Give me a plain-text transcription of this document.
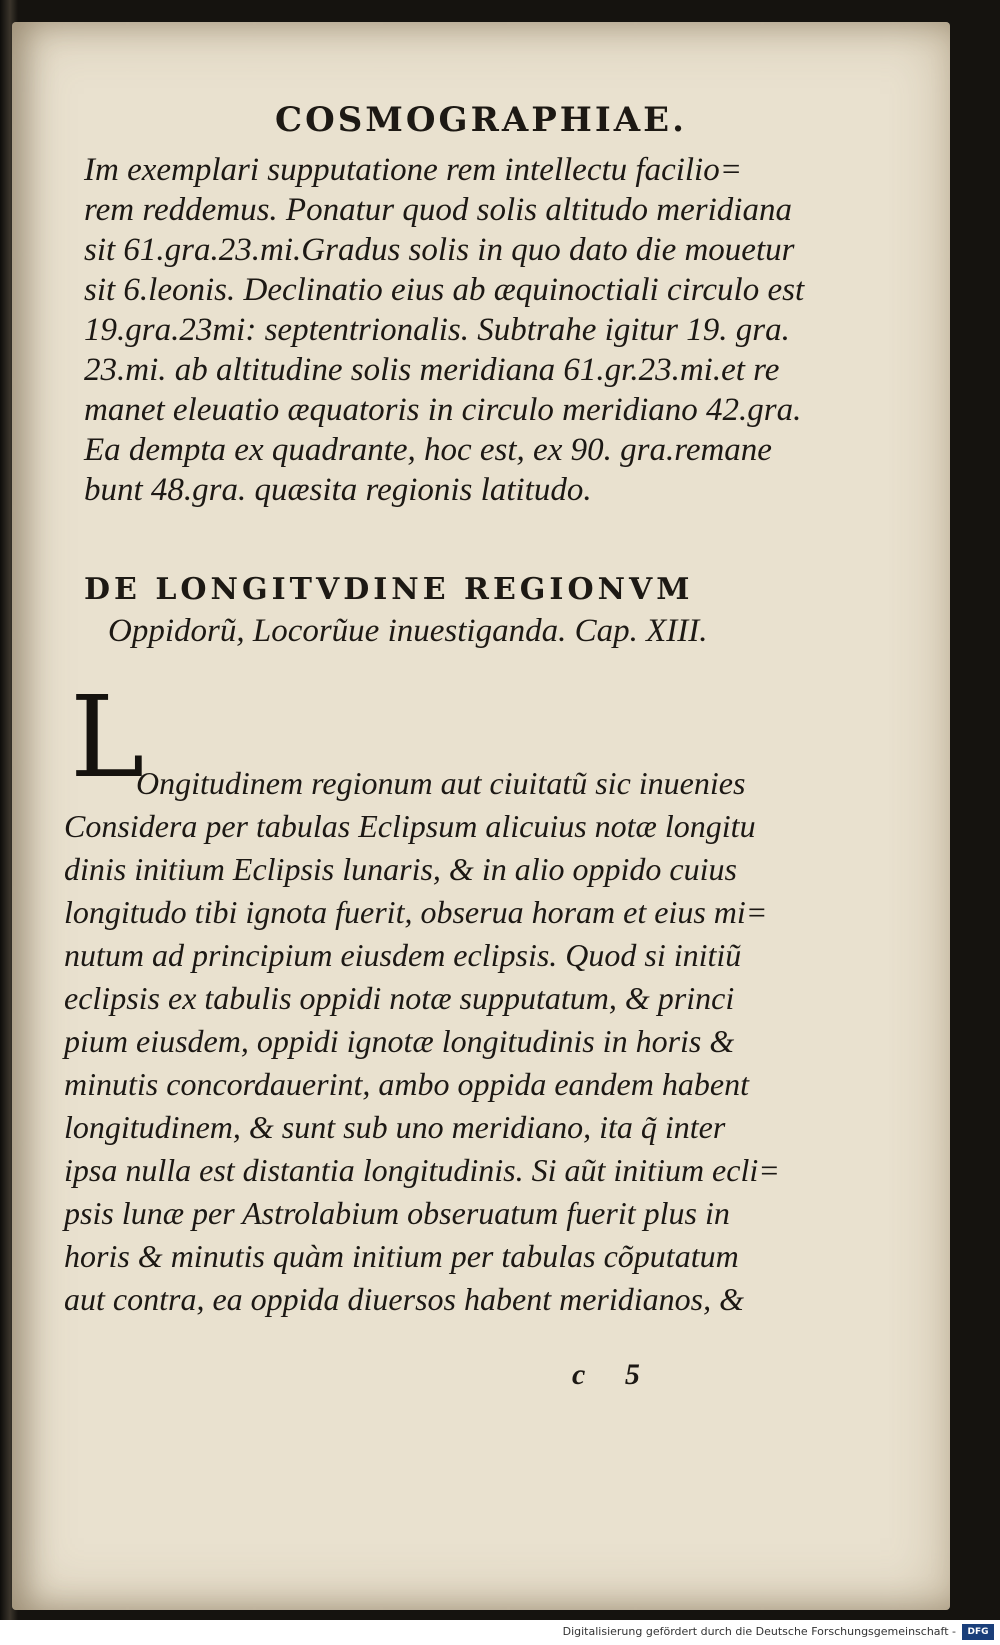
COSMOGRAPHIAE.
Im exemplari supputatione rem intellectu facilio=
rem reddemus. Ponatur quod solis altitudo meridiana
sit 61.gra.23.mi.Gradus solis in quo dato die mouetur
sit 6.leonis. Declinatio eius ab æquinoctiali circulo est
19.gra.23mi: septentrionalis. Subtrahe igitur 19. gra.
23.mi. ab altitudine solis meridiana 61.gr.23.mi.et re
manet eleuatio æquatoris in circulo meridiano 42.gra.
Ea dempta ex quadrante, hoc est, ex 90. gra.remane
bunt 48.gra. quæsita regionis latitudo.
DE LONGITVDINE REGIONVM
Oppidorũ, Locorũue inuestiganda. Cap. XIII.
L
Ongitudinem regionum aut ciuitatũ sic inuenies
Considera per tabulas Eclipsum alicuius notæ longitu
dinis initium Eclipsis lunaris, & in alio oppido cuius
longitudo tibi ignota fuerit, obserua horam et eius mi=
nutum ad principium eiusdem eclipsis. Quod si initiũ
eclipsis ex tabulis oppidi notæ supputatum, & princi
pium eiusdem, oppidi ignotæ longitudinis in horis &
minutis concordauerint, ambo oppida eandem habent
longitudinem, & sunt sub uno meridiano, ita q̃ inter
ipsa nulla est distantia longitudinis. Si aũt initium ecli=
psis lunæ per Astrolabium obseruatum fuerit plus in
horis & minutis quàm initium per tabulas cõputatum
aut contra, ea oppida diuersos habent meridianos, &
c 5
Digitalisierung gefördert durch die Deutsche Forschungsgemeinschaft -	DFG
